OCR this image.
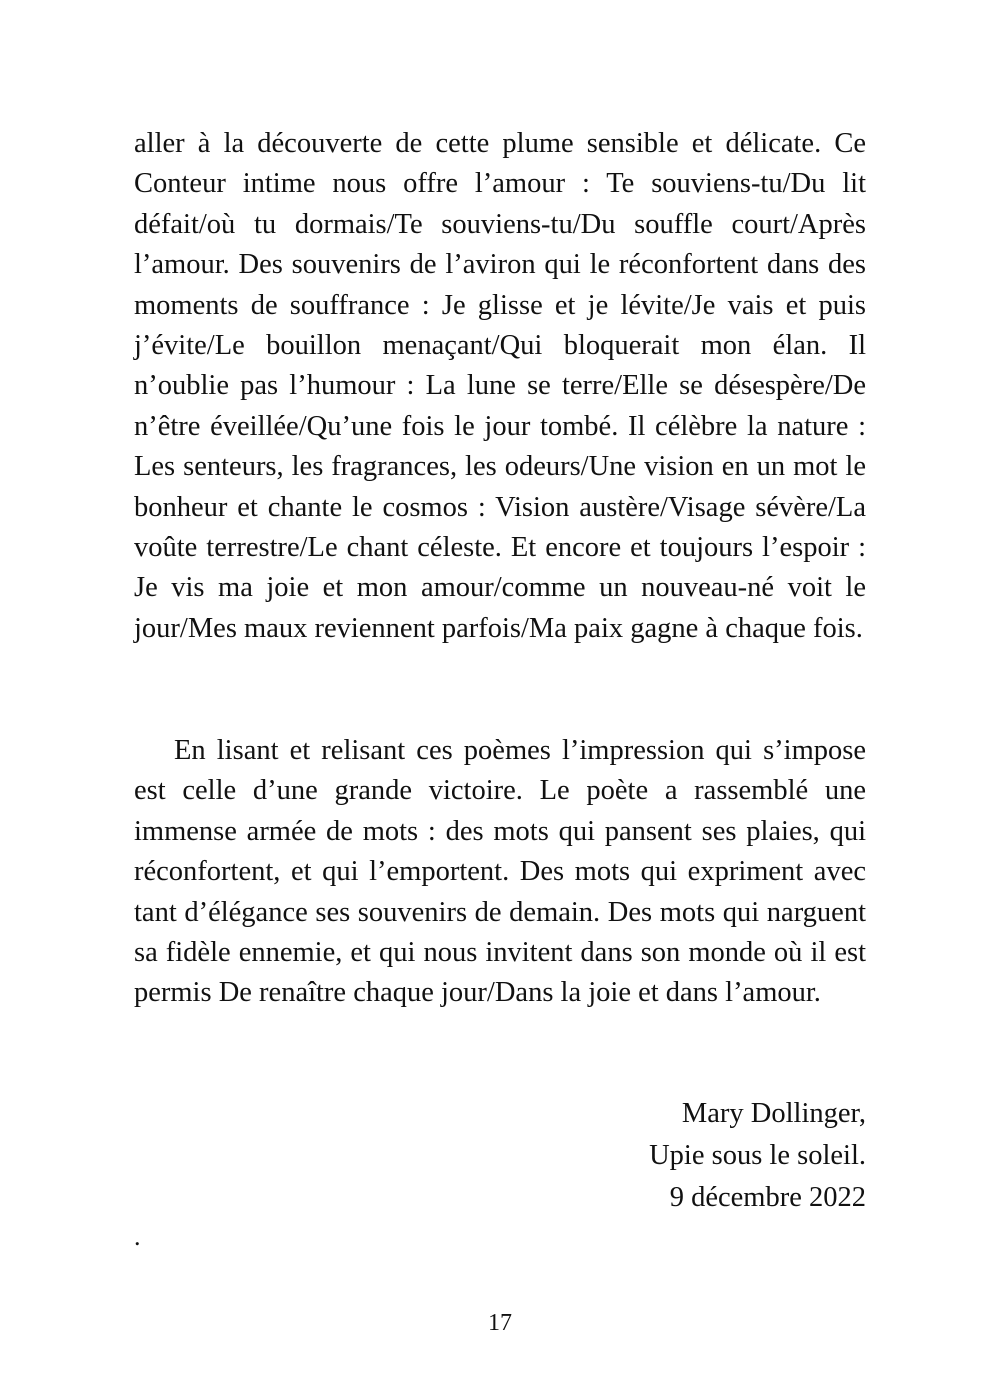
aller à la découverte de cette plume sensible et délicate. Ce Conteur intime nous offre l’amour : Te souviens-tu/Du lit défait/où tu dormais/Te souviens-tu/Du souffle court/Après l’amour. Des souvenirs de l’aviron qui le réconfortent dans des moments de souffrance : Je glisse et je lévite/Je vais et puis j’évite/Le bouillon menaçant/Qui bloquerait mon élan. Il n’oublie pas l’humour : La lune se terre/Elle se désespère/De n’être éveillée/Qu’une fois le jour tombé. Il célèbre la nature : Les senteurs, les fragrances, les odeurs/Une vision en un mot le bonheur et chante le cosmos : Vision austère/Visage sévère/La voûte terrestre/Le chant céleste. Et encore et toujours l’espoir : Je vis ma joie et mon amour/comme un nouveau-né voit le jour/Mes maux reviennent parfois/Ma paix gagne à chaque fois.

En lisant et relisant ces poèmes l’impression qui s’impose est celle d’une grande victoire. Le poète a rassemblé une immense armée de mots : des mots qui pansent ses plaies, qui réconfortent, et qui l’emportent. Des mots qui expriment avec tant d’élégance ses souvenirs de demain. Des mots qui narguent sa fidèle ennemie, et qui nous invitent dans son monde où il est permis De renaître chaque jour/Dans la joie et dans l’amour.

Mary Dollinger,
Upie sous le soleil.
9 décembre 2022
.
17
